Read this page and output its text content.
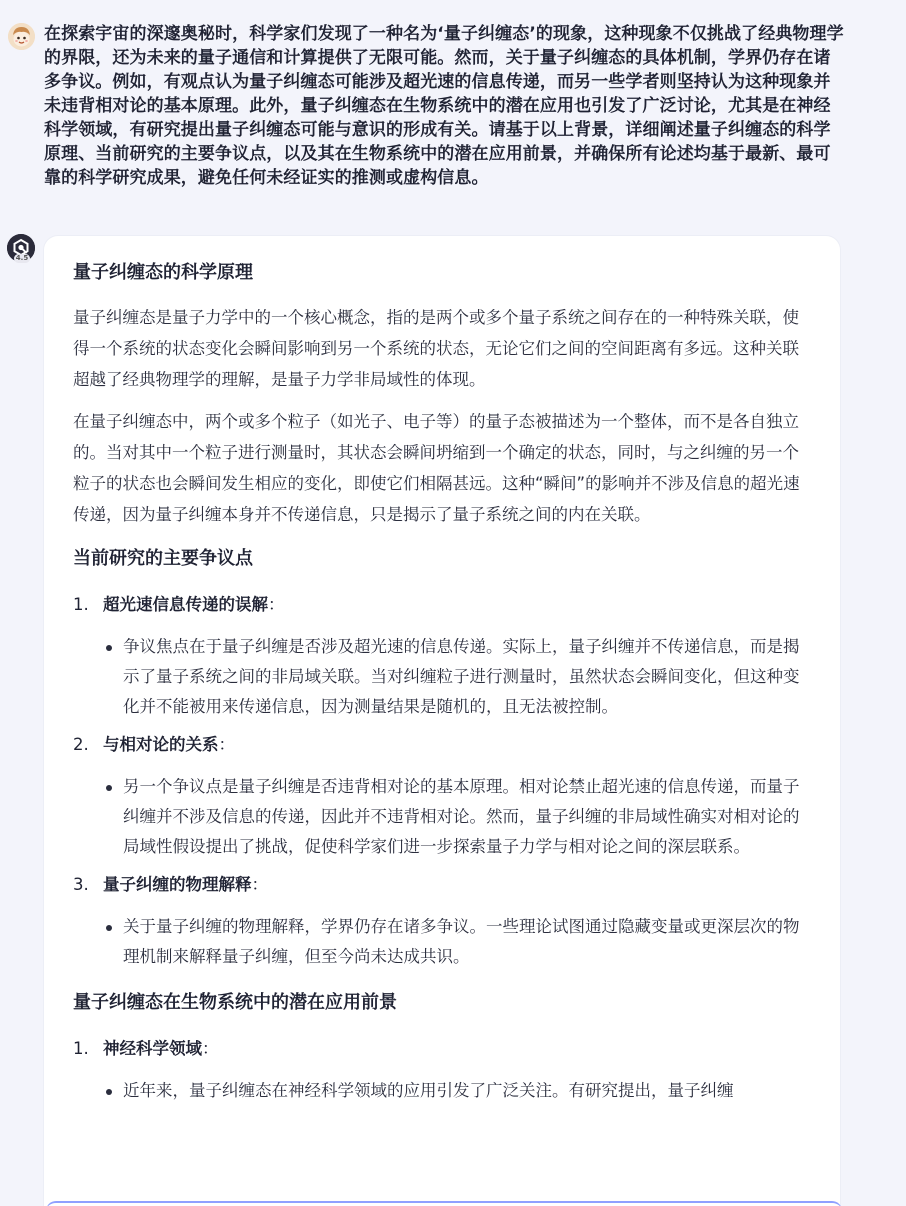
在探索宇宙的深邃奥秘时，科学家们发现了一种名为‘量子纠缠态’的现象，这种现象不仅挑战了经典物理学的界限，还为未来的量子通信和计算提供了无限可能。然而，关于量子纠缠态的具体机制，学界仍存在诸多争议。例如，有观点认为量子纠缠态可能涉及超光速的信息传递，而另一些学者则坚持认为这种现象并未违背相对论的基本原理。此外，量子纠缠态在生物系统中的潜在应用也引发了广泛讨论，尤其是在神经科学领域，有研究提出量子纠缠态可能与意识的形成有关。请基于以上背景，详细阐述量子纠缠态的科学原理、当前研究的主要争议点，以及其在生物系统中的潜在应用前景，并确保所有论述均基于最新、最可靠的科学研究成果，避免任何未经证实的推测或虚构信息。
4.5
量子纠缠态的科学原理

量子纠缠态是量子力学中的一个核心概念，指的是两个或多个量子系统之间存在的一种特殊关联，使得一个系统的状态变化会瞬间影响到另一个系统的状态，无论它们之间的空间距离有多远。这种关联超越了经典物理学的理解，是量子力学非局域性的体现。

在量子纠缠态中，两个或多个粒子（如光子、电子等）的量子态被描述为一个整体，而不是各自独立的。当对其中一个粒子进行测量时，其状态会瞬间坍缩到一个确定的状态，同时，与之纠缠的另一个粒子的状态也会瞬间发生相应的变化，即使它们相隔甚远。这种“瞬间”的影响并不涉及信息的超光速传递，因为量子纠缠本身并不传递信息，只是揭示了量子系统之间的内在关联。

当前研究的主要争议点
1. 超光速信息传递的误解：
争议焦点在于量子纠缠是否涉及超光速的信息传递。实际上，量子纠缠并不传递信息，而是揭示了量子系统之间的非局域关联。当对纠缠粒子进行测量时，虽然状态会瞬间变化，但这种变化并不能被用来传递信息，因为测量结果是随机的，且无法被控制。
2. 与相对论的关系：
另一个争议点是量子纠缠是否违背相对论的基本原理。相对论禁止超光速的信息传递，而量子纠缠并不涉及信息的传递，因此并不违背相对论。然而，量子纠缠的非局域性确实对相对论的局域性假设提出了挑战，促使科学家们进一步探索量子力学与相对论之间的深层联系。
3. 量子纠缠的物理解释：
关于量子纠缠的物理解释，学界仍存在诸多争议。一些理论试图通过隐藏变量或更深层次的物理机制来解释量子纠缠，但至今尚未达成共识。
量子纠缠态在生物系统中的潜在应用前景
1. 神经科学领域：
近年来，量子纠缠态在神经科学领域的应用引发了广泛关注。有研究提出，量子纠缠
